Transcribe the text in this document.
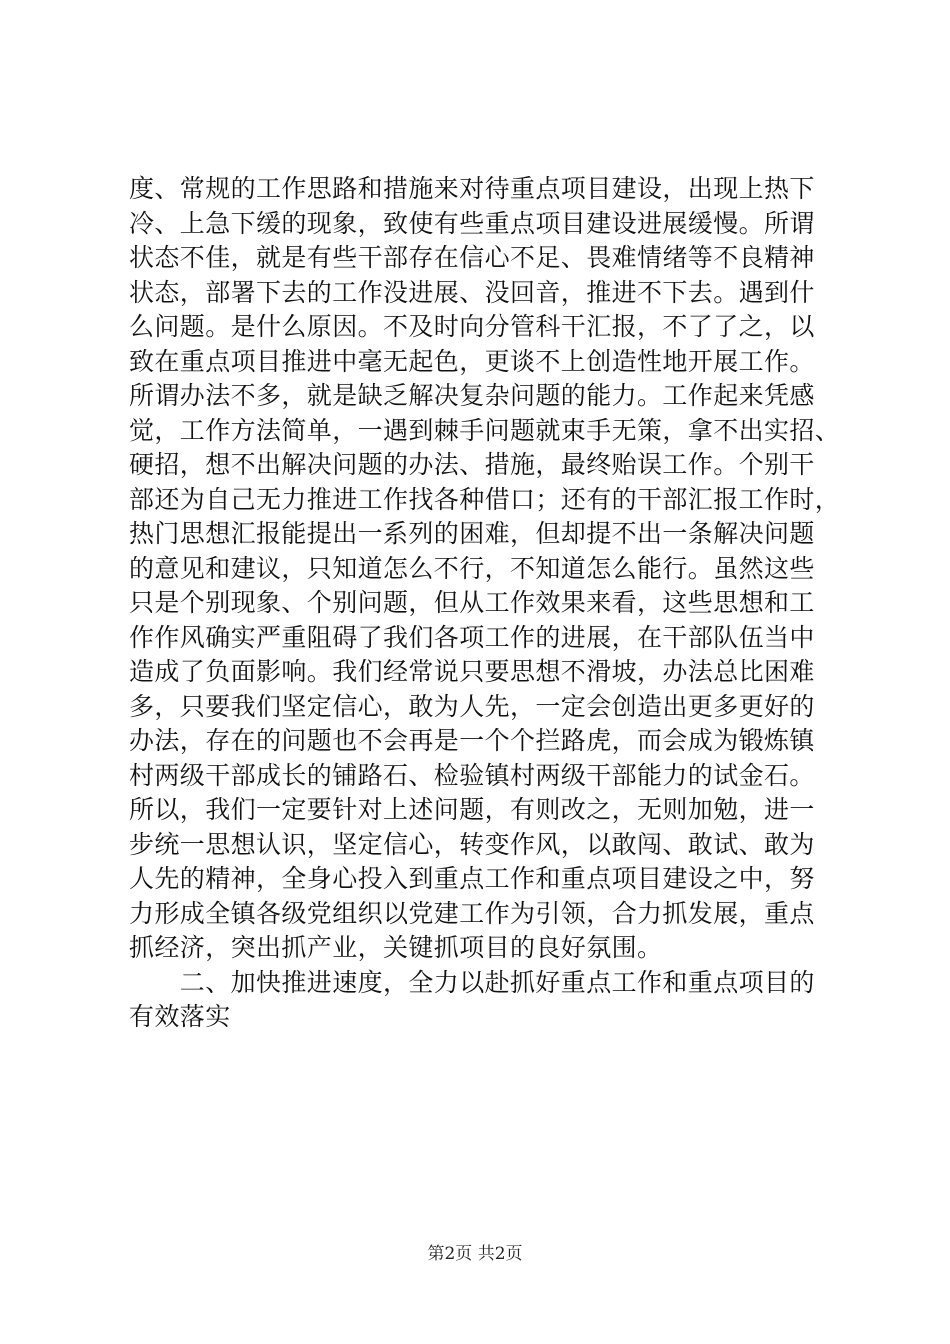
度、常规的工作思路和措施来对待重点项目建设，出现上热下
冷、上急下缓的现象，致使有些重点项目建设进展缓慢。所谓
状态不佳，就是有些干部存在信心不足、畏难情绪等不良精神
状态，部署下去的工作没进展、没回音，推进不下去。遇到什
么问题。是什么原因。不及时向分管科干汇报，不了了之，以
致在重点项目推进中毫无起色，更谈不上创造性地开展工作。
所谓办法不多，就是缺乏解决复杂问题的能力。工作起来凭感
觉，工作方法简单，一遇到棘手问题就束手无策，拿不出实招、
硬招，想不出解决问题的办法、措施，最终贻误工作。个别干
部还为自己无力推进工作找各种借口；还有的干部汇报工作时，
热门思想汇报能提出一系列的困难，但却提不出一条解决问题
的意见和建议，只知道怎么不行，不知道怎么能行。虽然这些
只是个别现象、个别问题，但从工作效果来看，这些思想和工
作作风确实严重阻碍了我们各项工作的进展，在干部队伍当中
造成了负面影响。我们经常说只要思想不滑坡，办法总比困难
多，只要我们坚定信心，敢为人先，一定会创造出更多更好的
办法，存在的问题也不会再是一个个拦路虎，而会成为锻炼镇
村两级干部成长的铺路石、检验镇村两级干部能力的试金石。
所以，我们一定要针对上述问题，有则改之，无则加勉，进一
步统一思想认识，坚定信心，转变作风，以敢闯、敢试、敢为
人先的精神，全身心投入到重点工作和重点项目建设之中，努
力形成全镇各级党组织以党建工作为引领，合力抓发展，重点
抓经济，突出抓产业，关键抓项目的良好氛围。
　　二、加快推进速度，全力以赴抓好重点工作和重点项目的
有效落实
第2页 共2页
